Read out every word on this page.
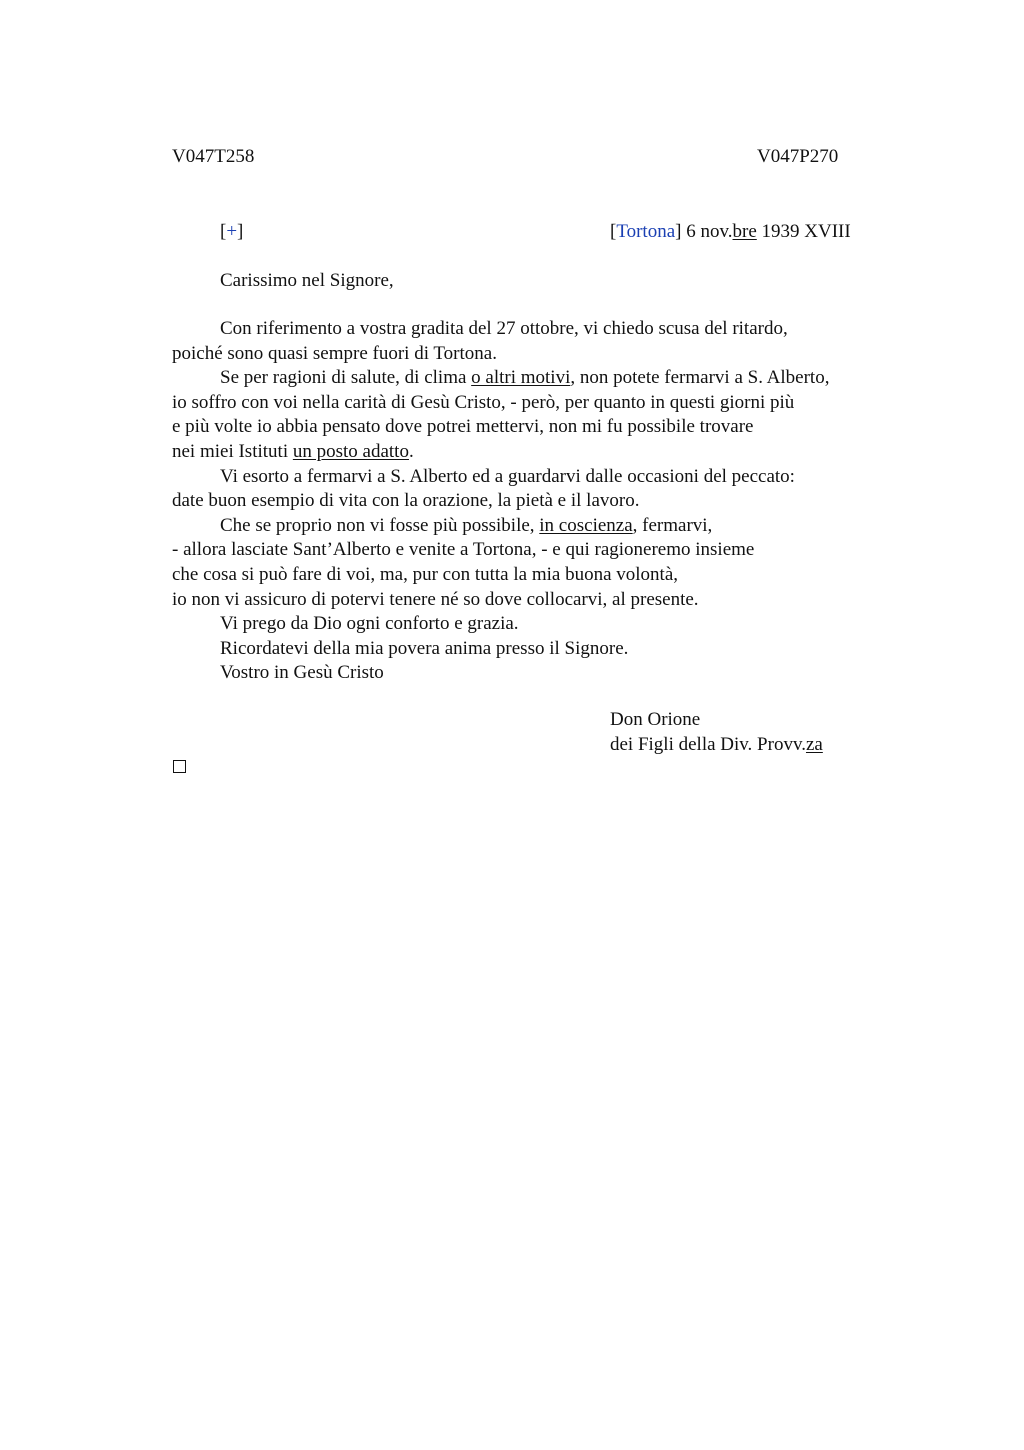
V047T258	V047P270
[+]	[Tortona] 6 nov.bre 1939 XVIII
Carissimo nel Signore,
Con riferimento a vostra gradita del 27 ottobre, vi chiedo scusa del ritardo,
poiché sono quasi sempre fuori di Tortona.
Se per ragioni di salute, di clima o altri motivi, non potete fermarvi a S. Alberto,
io soffro con voi nella carità di Gesù Cristo, - però, per quanto in questi giorni più
e più volte io abbia pensato dove potrei mettervi, non mi fu possibile trovare
nei miei Istituti un posto adatto.
Vi esorto a fermarvi a S. Alberto ed a guardarvi dalle occasioni del peccato:
date buon esempio di vita con la orazione, la pietà e il lavoro.
Che se proprio non vi fosse più possibile, in coscienza, fermarvi,
- allora lasciate Sant’Alberto e venite a Tortona, - e qui ragioneremo insieme
che cosa si può fare di voi, ma, pur con tutta la mia buona volontà,
io non vi assicuro di potervi tenere né so dove collocarvi, al presente.
Vi prego da Dio ogni conforto e grazia.
Ricordatevi della mia povera anima presso il Signore.
Vostro in Gesù Cristo
Don Orione
dei Figli della Div. Provv.za
